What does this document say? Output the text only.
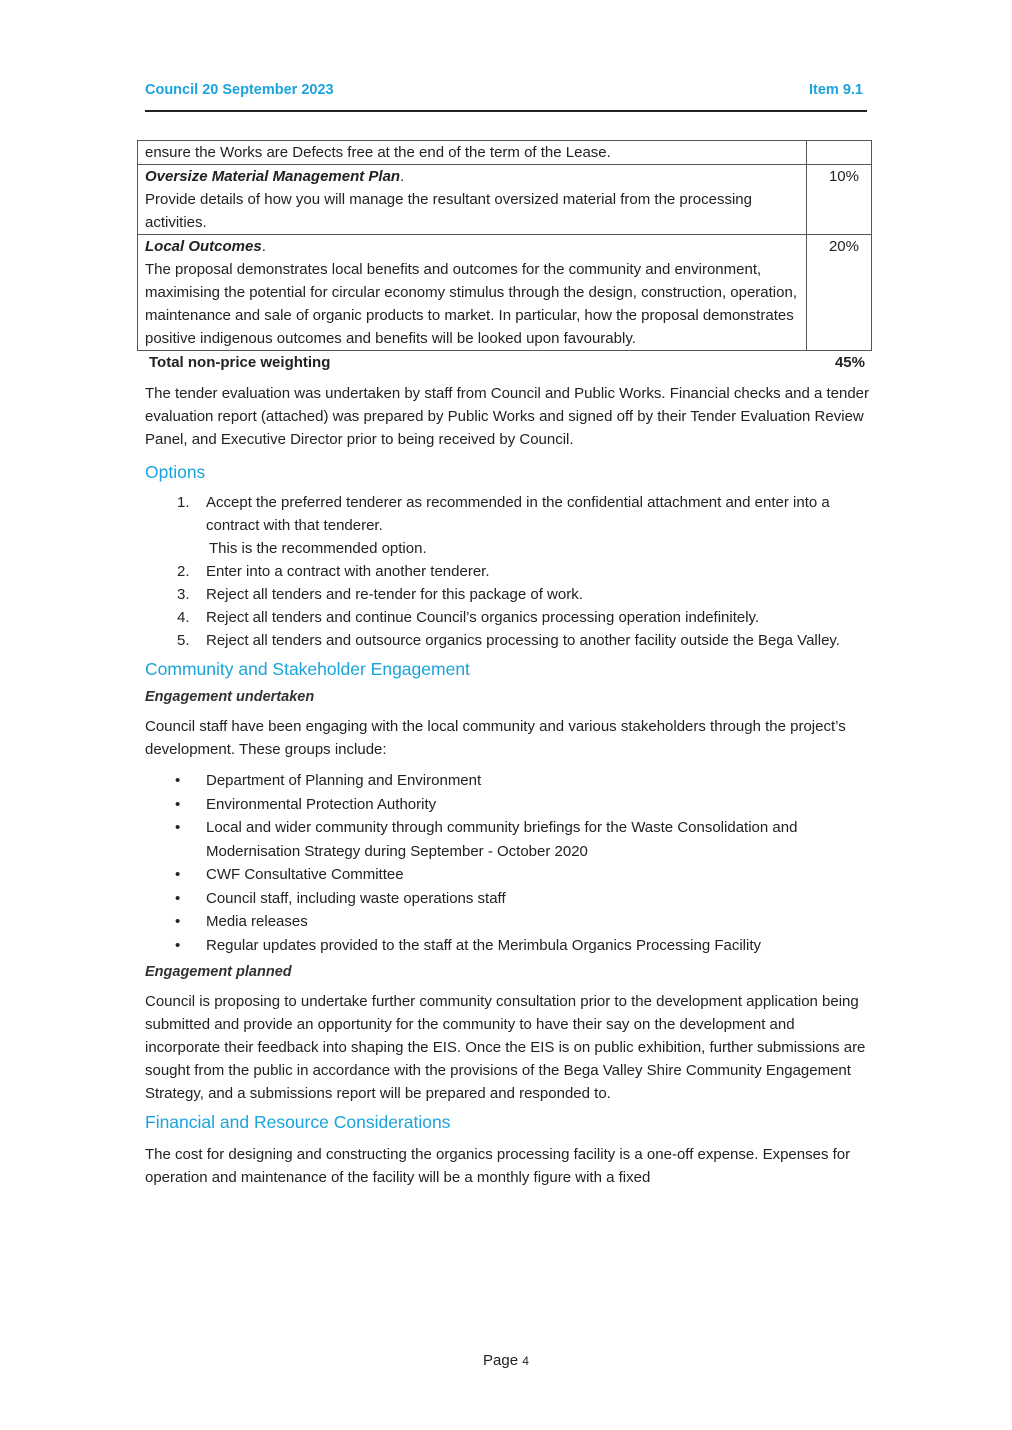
Council 20 September 2023	Item 9.1
ensure the Works are Defects free at the end of the term of the Lease.	
Oversize Material Management Plan.
Provide details of how you will manage the resultant oversized material from the processing activities.	10%
Local Outcomes.
The proposal demonstrates local benefits and outcomes for the community and environment, maximising the potential for circular economy stimulus through the design, construction, operation, maintenance and sale of organic products to market. In particular, how the proposal demonstrates positive indigenous outcomes and benefits will be looked upon favourably.	20%
Total non-price weighting	45%

The tender evaluation was undertaken by staff from Council and Public Works. Financial checks and a tender evaluation report (attached) was prepared by Public Works and signed off by their Tender Evaluation Review Panel, and Executive Director prior to being received by Council.

Options
1. Accept the preferred tenderer as recommended in the confidential attachment and enter into a contract with that tenderer.
This is the recommended option.
2. Enter into a contract with another tenderer.
3. Reject all tenders and re-tender for this package of work.
4. Reject all tenders and continue Council’s organics processing operation indefinitely.
5. Reject all tenders and outsource organics processing to another facility outside the Bega Valley.
Community and Stakeholder Engagement
Engagement undertaken

Council staff have been engaging with the local community and various stakeholders through the project’s development. These groups include:

• Department of Planning and Environment
• Environmental Protection Authority
• Local and wider community through community briefings for the Waste Consolidation and Modernisation Strategy during September - October 2020
• CWF Consultative Committee
• Council staff, including waste operations staff
• Media releases
• Regular updates provided to the staff at the Merimbula Organics Processing Facility
Engagement planned

Council is proposing to undertake further community consultation prior to the development application being submitted and provide an opportunity for the community to have their say on the development and incorporate their feedback into shaping the EIS. Once the EIS is on public exhibition, further submissions are sought from the public in accordance with the provisions of the Bega Valley Shire Community Engagement Strategy, and a submissions report will be prepared and responded to.

Financial and Resource Considerations

The cost for designing and constructing the organics processing facility is a one-off expense. Expenses for operation and maintenance of the facility will be a monthly figure with a fixed

Page 4
